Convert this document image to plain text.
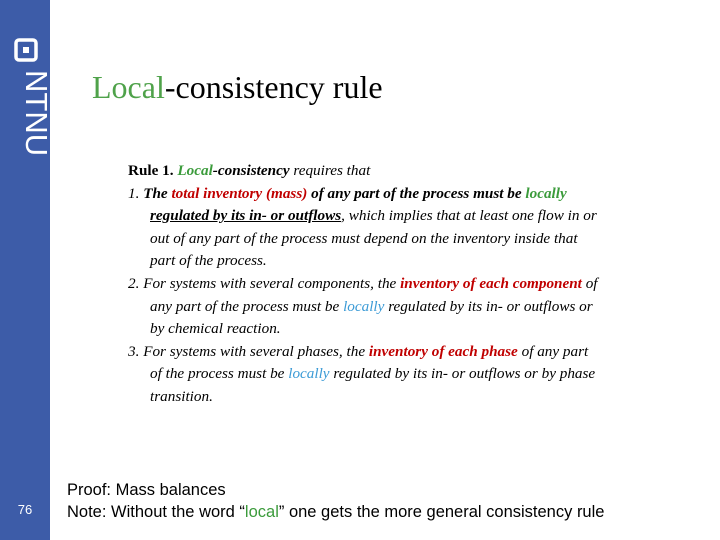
NTNU
76
Local-consistency rule
Rule 1. Local-consistency requires that
1. The total inventory (mass) of any part of the process must be locally
regulated by its in- or outflows, which implies that at least one flow in or
out of any part of the process must depend on the inventory inside that
part of the process.
2. For systems with several components, the inventory of each component of
any part of the process must be locally regulated by its in- or outflows or
by chemical reaction.
3. For systems with several phases, the inventory of each phase of any part
of the process must be locally regulated by its in- or outflows or by phase
transition.
Proof: Mass balances
Note: Without the word “local” one gets the more general consistency rule
